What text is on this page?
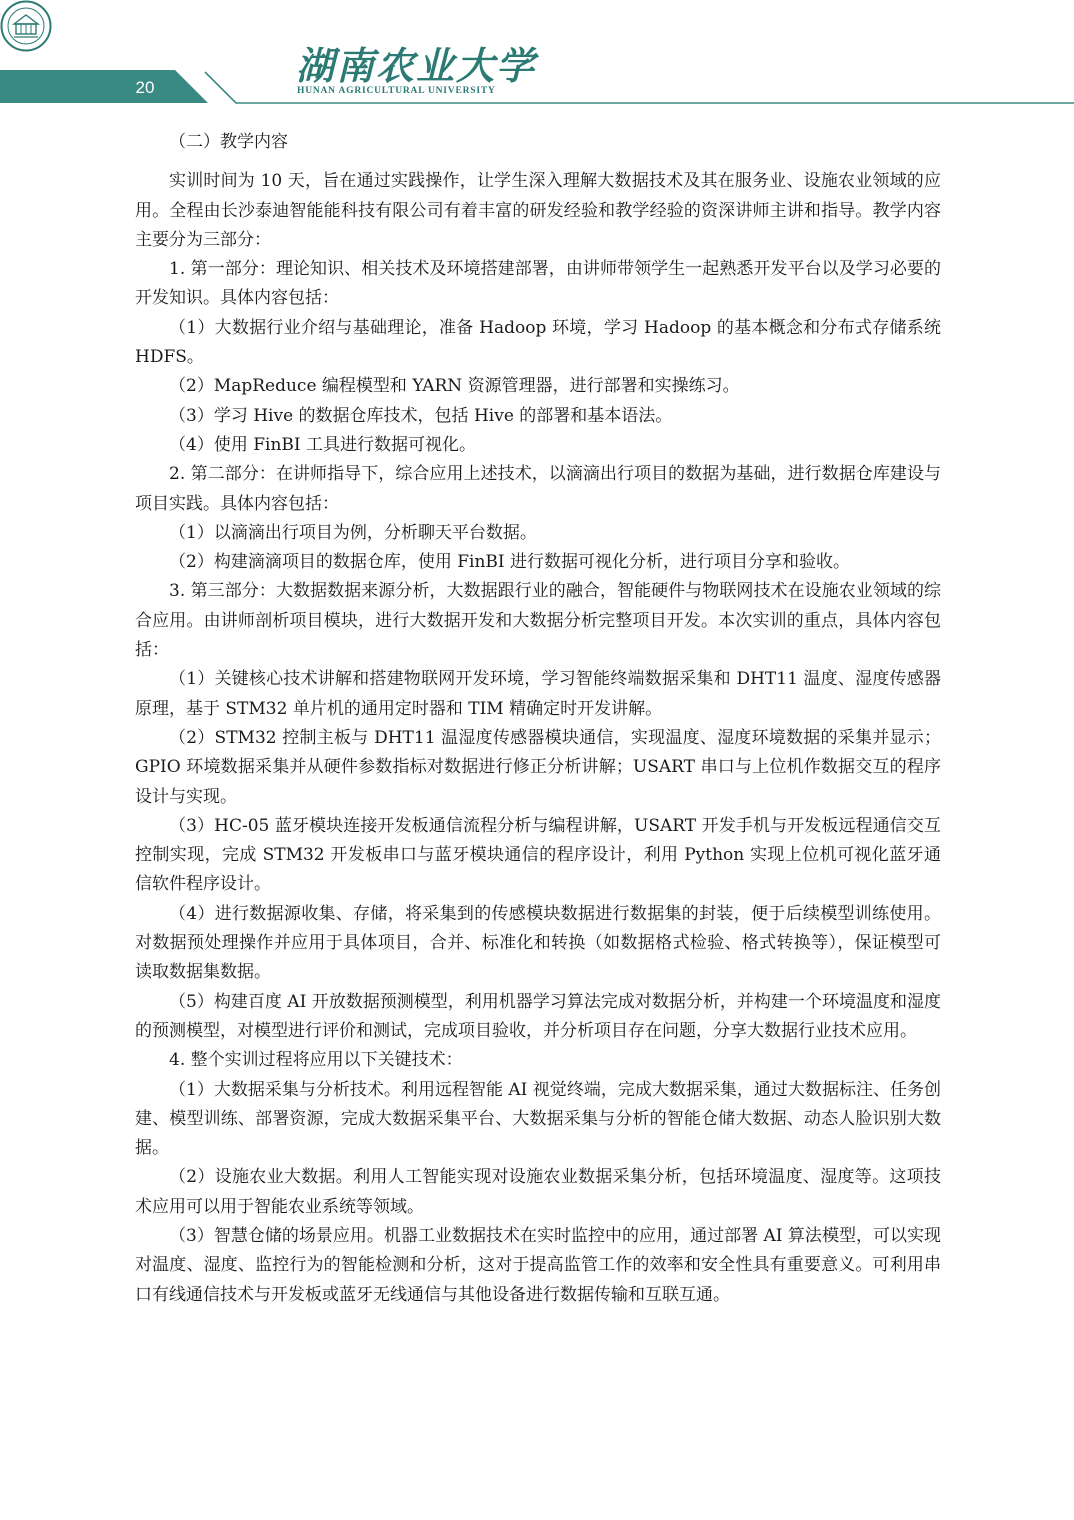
20	湖南农业大学
HUNAN AGRICULTURAL UNIVERSITY

（二）教学内容

实训时间为 10 天，旨在通过实践操作，让学生深入理解大数据技术及其在服务业、设施农业领域的应用。全程由长沙泰迪智能能科技有限公司有着丰富的研发经验和教学经验的资深讲师主讲和指导。教学内容主要分为三部分：

1. 第一部分：理论知识、相关技术及环境搭建部署，由讲师带领学生一起熟悉开发平台以及学习必要的开发知识。具体内容包括：

（1）大数据行业介绍与基础理论，准备 Hadoop 环境，学习 Hadoop 的基本概念和分布式存储系统 HDFS。

（2）MapReduce 编程模型和 YARN 资源管理器，进行部署和实操练习。

（3）学习 Hive 的数据仓库技术，包括 Hive 的部署和基本语法。

（4）使用 FinBI 工具进行数据可视化。

2. 第二部分：在讲师指导下，综合应用上述技术，以滴滴出行项目的数据为基础，进行数据仓库建设与项目实践。具体内容包括：

（1）以滴滴出行项目为例，分析聊天平台数据。

（2）构建滴滴项目的数据仓库，使用 FinBI 进行数据可视化分析，进行项目分享和验收。

3. 第三部分：大数据数据来源分析，大数据跟行业的融合，智能硬件与物联网技术在设施农业领域的综合应用。由讲师剖析项目模块，进行大数据开发和大数据分析完整项目开发。本次实训的重点，具体内容包括：

（1）关键核心技术讲解和搭建物联网开发环境，学习智能终端数据采集和 DHT11 温度、湿度传感器原理，基于 STM32 单片机的通用定时器和 TIM 精确定时开发讲解。

（2）STM32 控制主板与 DHT11 温湿度传感器模块通信，实现温度、湿度环境数据的采集并显示；GPIO 环境数据采集并从硬件参数指标对数据进行修正分析讲解；USART 串口与上位机作数据交互的程序设计与实现。

（3）HC-05 蓝牙模块连接开发板通信流程分析与编程讲解，USART 开发手机与开发板远程通信交互控制实现，完成 STM32 开发板串口与蓝牙模块通信的程序设计，利用 Python 实现上位机可视化蓝牙通信软件程序设计。

（4）进行数据源收集、存储，将采集到的传感模块数据进行数据集的封装，便于后续模型训练使用。对数据预处理操作并应用于具体项目，合并、标准化和转换（如数据格式检验、格式转换等），保证模型可读取数据集数据。

（5）构建百度 AI 开放数据预测模型，利用机器学习算法完成对数据分析，并构建一个环境温度和湿度的预测模型，对模型进行评价和测试，完成项目验收，并分析项目存在问题，分享大数据行业技术应用。

4. 整个实训过程将应用以下关键技术：

（1）大数据采集与分析技术。利用远程智能 AI 视觉终端，完成大数据采集，通过大数据标注、任务创建、模型训练、部署资源，完成大数据采集平台、大数据采集与分析的智能仓储大数据、动态人脸识别大数据。

（2）设施农业大数据。利用人工智能实现对设施农业数据采集分析，包括环境温度、湿度等。这项技术应用可以用于智能农业系统等领域。

（3）智慧仓储的场景应用。机器工业数据技术在实时监控中的应用，通过部署 AI 算法模型，可以实现对温度、湿度、监控行为的智能检测和分析，这对于提高监管工作的效率和安全性具有重要意义。可利用串口有线通信技术与开发板或蓝牙无线通信与其他设备进行数据传输和互联互通。
